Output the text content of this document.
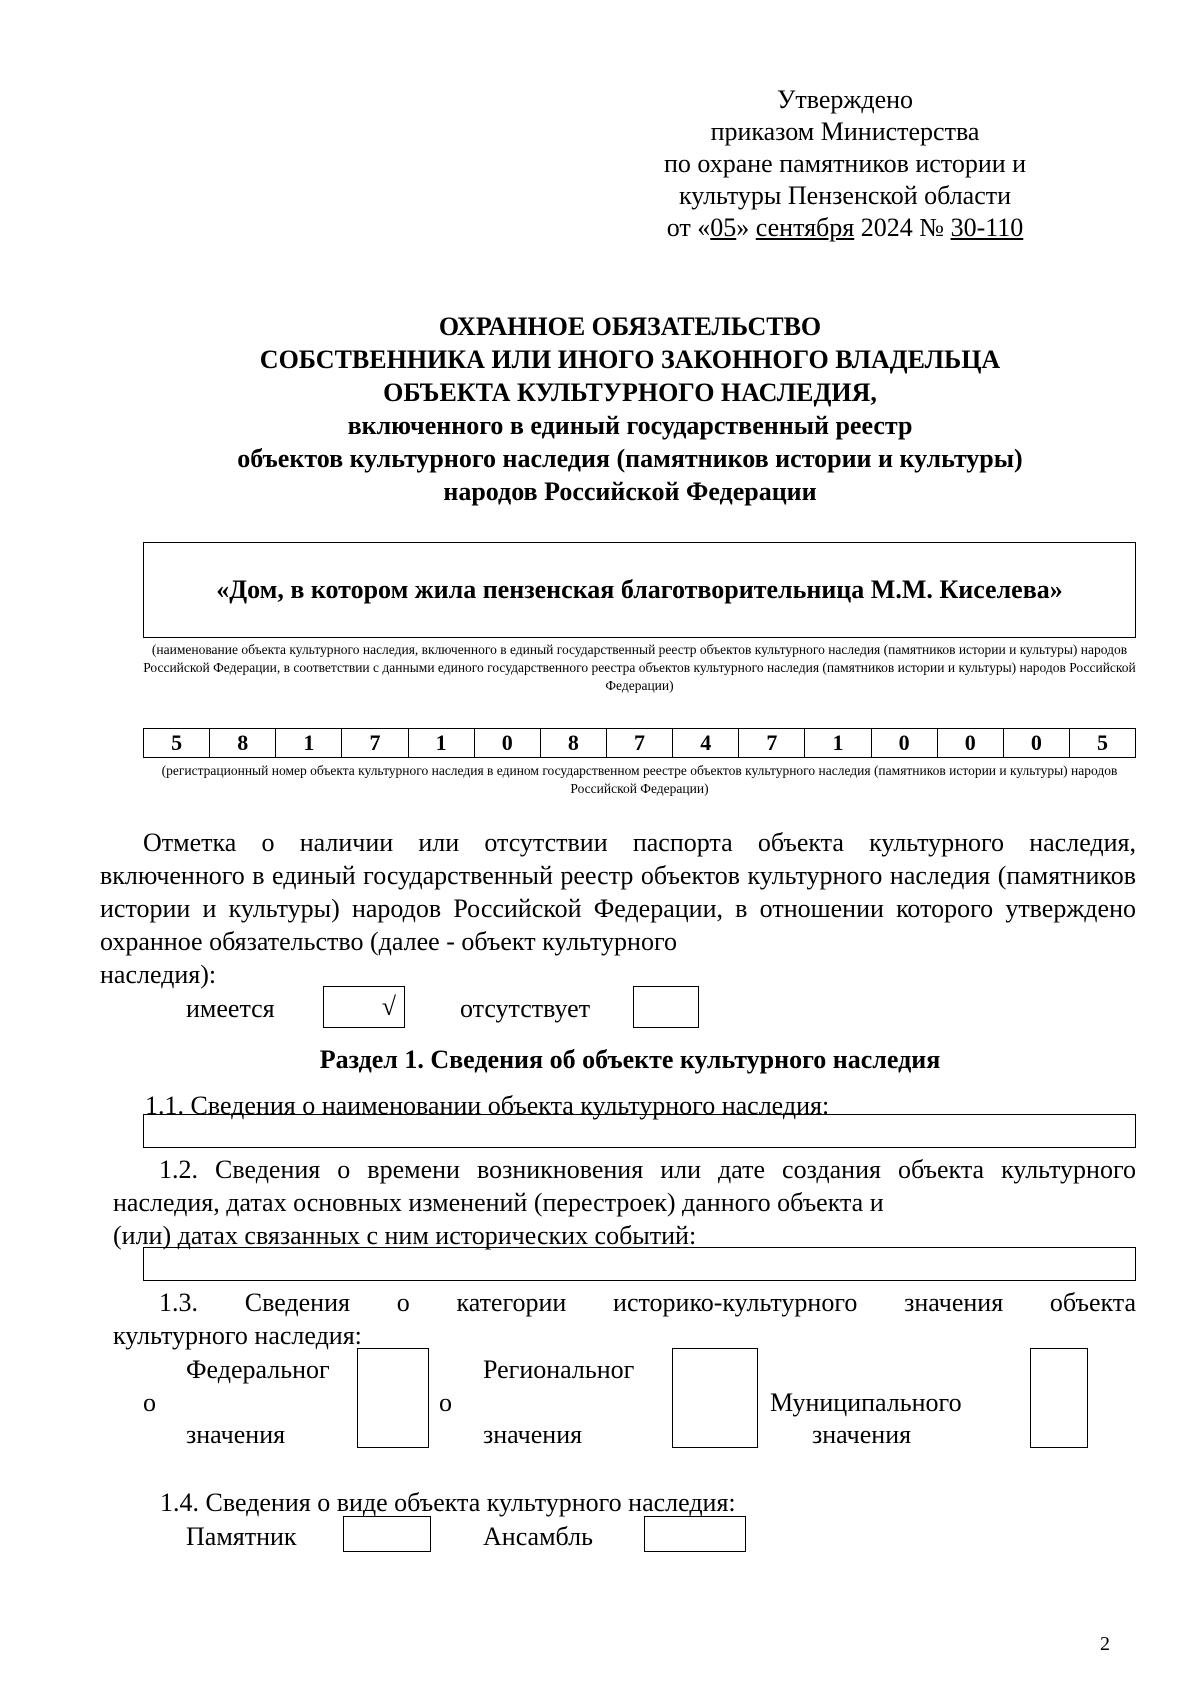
Утверждено
приказом Министерства
по охране памятников истории и
культуры Пензенской области
от «05» сентября 2024 № 30-110
ОХРАННОЕ ОБЯЗАТЕЛЬСТВО
СОБСТВЕННИКА ИЛИ ИНОГО ЗАКОННОГО ВЛАДЕЛЬЦА
ОБЪЕКТА КУЛЬТУРНОГО НАСЛЕДИЯ,
включенного в единый государственный реестр
объектов культурного наследия (памятников истории и культуры)
народов Российской Федерации
«Дом, в котором жила пензенская благотворительница М.М. Киселева»
(наименование объекта культурного наследия, включенного в единый государственный реестр объектов культурного наследия (памятников истории и культуры) народов Российской Федерации, в соответствии с данными единого государственного реестра объектов культурного наследия (памятников истории и культуры) народов Российской Федерации)
5	8	1	7	1	0	8	7	4	7	1	0	0	0	5
(регистрационный номер объекта культурного наследия в едином государственном реестре объектов культурного наследия (памятников истории и культуры) народов Российской Федерации)
Отметка о наличии или отсутствии паспорта объекта культурного наследия, включенного в единый государственный реестр объектов культурного наследия (памятников истории и культуры) народов Российской Федерации, в отношении которого утверждено охранное обязательство (далее - объект культурного
наследия):
имеется	√ отсутствует
Раздел 1. Сведения об объекте культурного наследия
1.1. Сведения о наименовании объекта культурного наследия:
1.2. Сведения о времени возникновения или дате создания объекта культурного наследия, датах основных изменений (перестроек) данного объекта и
(или) датах связанных с ним исторических событий:
1.3. Сведения о категории историко-культурного значения объекта
культурного наследия:
Федеральног
о
значения
Региональног
о
значения
Муниципального
значения
1.4. Сведения о виде объекта культурного наследия:
Памятник	Ансамбль
2
